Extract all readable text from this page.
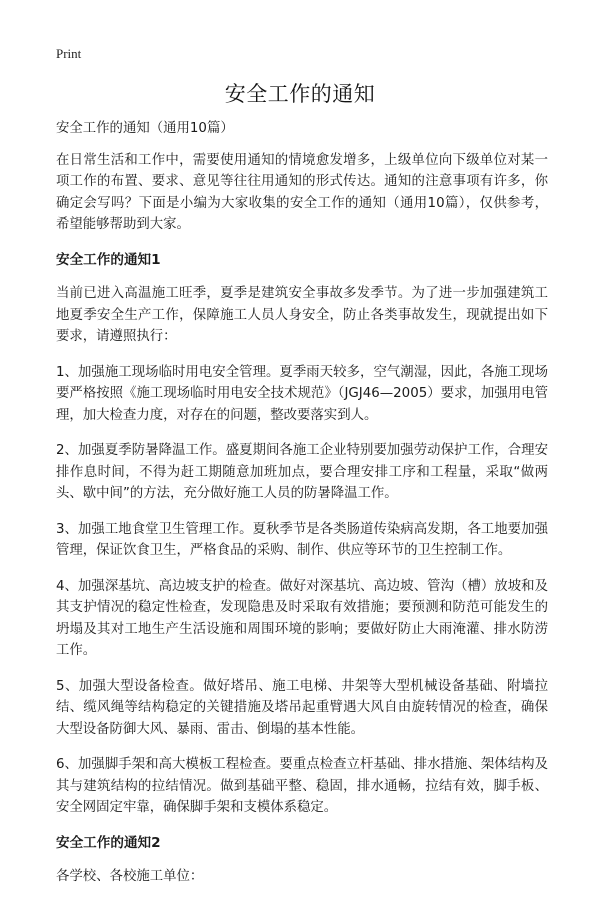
Print
安全工作的通知

安全工作的通知（通用10篇）

在日常生活和工作中，需要使用通知的情境愈发增多，上级单位向下级单位对某一项工作的布置、要求、意见等往往用通知的形式传达。通知的注意事项有许多，你确定会写吗？下面是小编为大家收集的安全工作的通知（通用10篇），仅供参考，希望能够帮助到大家。

安全工作的通知1

当前已进入高温施工旺季，夏季是建筑安全事故多发季节。为了进一步加强建筑工地夏季安全生产工作，保障施工人员人身安全，防止各类事故发生，现就提出如下要求，请遵照执行：

1、加强施工现场临时用电安全管理。夏季雨天较多，空气潮湿，因此，各施工现场要严格按照《施工现场临时用电安全技术规范》（JGJ46—2005）要求，加强用电管理，加大检查力度，对存在的问题，整改要落实到人。

2、加强夏季防暑降温工作。盛夏期间各施工企业特别要加强劳动保护工作，合理安排作息时间，不得为赶工期随意加班加点，要合理安排工序和工程量，采取“做两头、歇中间”的方法，充分做好施工人员的防暑降温工作。

3、加强工地食堂卫生管理工作。夏秋季节是各类肠道传染病高发期，各工地要加强管理，保证饮食卫生，严格食品的采购、制作、供应等环节的卫生控制工作。

4、加强深基坑、高边坡支护的检查。做好对深基坑、高边坡、管沟（槽）放坡和及其支护情况的稳定性检查，发现隐患及时采取有效措施；要预测和防范可能发生的坍塌及其对工地生产生活设施和周围环境的影响；要做好防止大雨淹灌、排水防涝工作。

5、加强大型设备检查。做好塔吊、施工电梯、井架等大型机械设备基础、附墙拉结、缆风绳等结构稳定的关键措施及塔吊起重臂遇大风自由旋转情况的检查，确保大型设备防御大风、暴雨、雷击、倒塌的基本性能。

6、加强脚手架和高大模板工程检查。要重点检查立杆基础、排水措施、架体结构及其与建筑结构的拉结情况。做到基础平整、稳固，排水通畅，拉结有效，脚手板、安全网固定牢靠，确保脚手架和支模体系稳定。

安全工作的通知2

各学校、各校施工单位：
